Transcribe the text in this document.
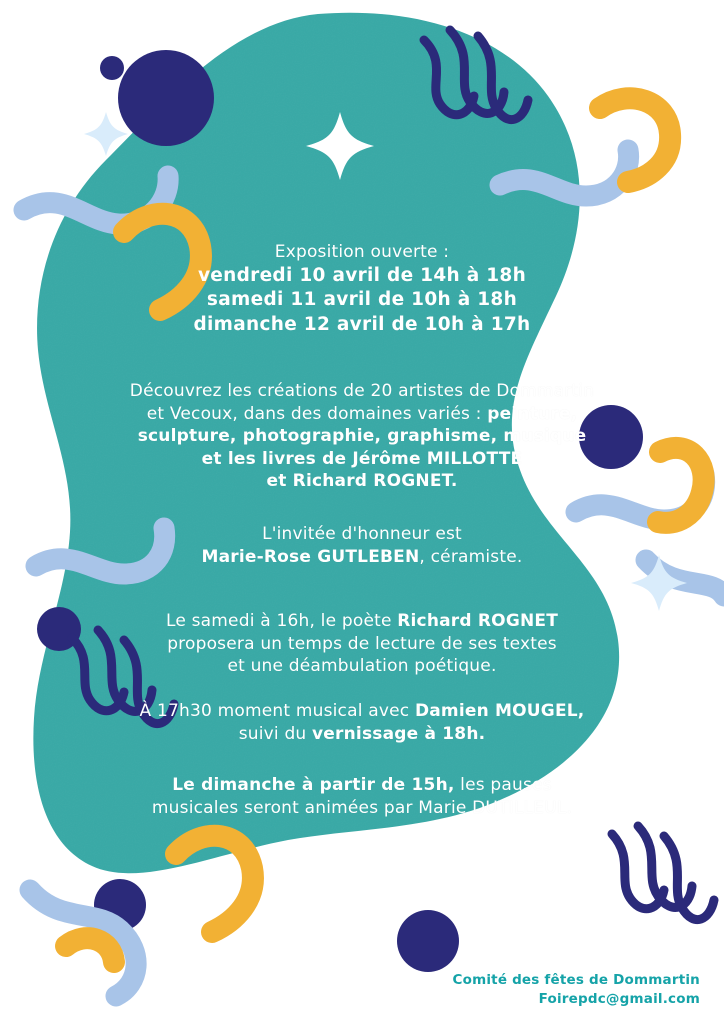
Exposition ouverte :
vendredi 10 avril de 14h à 18h
samedi 11 avril de 10h à 18h
dimanche 12 avril de 10h à 17h
Découvrez les créations de 20 artistes de Dommartin
et Vecoux, dans des domaines variés : peinture,
sculpture, photographie, graphisme, musique
et les livres de Jérôme MILLOTTE
et Richard ROGNET.
L'invitée d'honneur est
Marie-Rose GUTLEBEN, céramiste.
Le samedi à 16h, le poète Richard ROGNET
proposera un temps de lecture de ses textes
et une déambulation poétique.
À 17h30 moment musical avec Damien MOUGEL,
suivi du vernissage à 18h.
Le dimanche à partir de 15h, les pauses
musicales seront animées par Marie DUTILLEUL.
Comité des fêtes de Dommartin
Foirepdc@gmail.com
